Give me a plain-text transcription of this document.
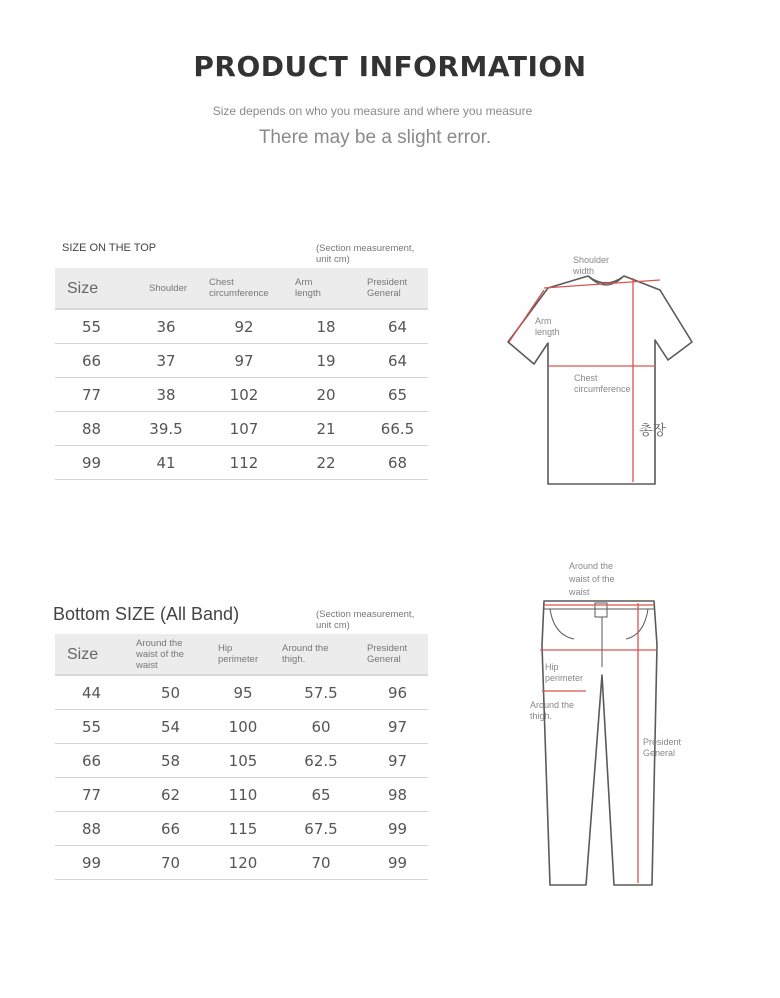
PRODUCT INFORMATION
Size depends on who you measure and where you measure
There may be a slight error.
SIZE ON THE TOP	(Section measurement,
unit cm)
Size	Shoulder	Chest circumference	Arm length	President General
55	36	92	18	64
66	37	97	19	64
77	38	102	20	65
88	39.5	107	21	66.5
99	41	112	22	68
Shoulder width
Arm length
Chest circumference
총장
Bottom SIZE (All Band)	(Section measurement,
unit cm)
Size	Around the waist of the waist	Hip perimeter	Around the thigh.	President General
44	50	95	57.5	96
55	54	100	60	97
66	58	105	62.5	97
77	62	110	65	98
88	66	115	67.5	99
99	70	120	70	99
Around the waist of the waist
Hip perimeter
Around the thigh.
President General
